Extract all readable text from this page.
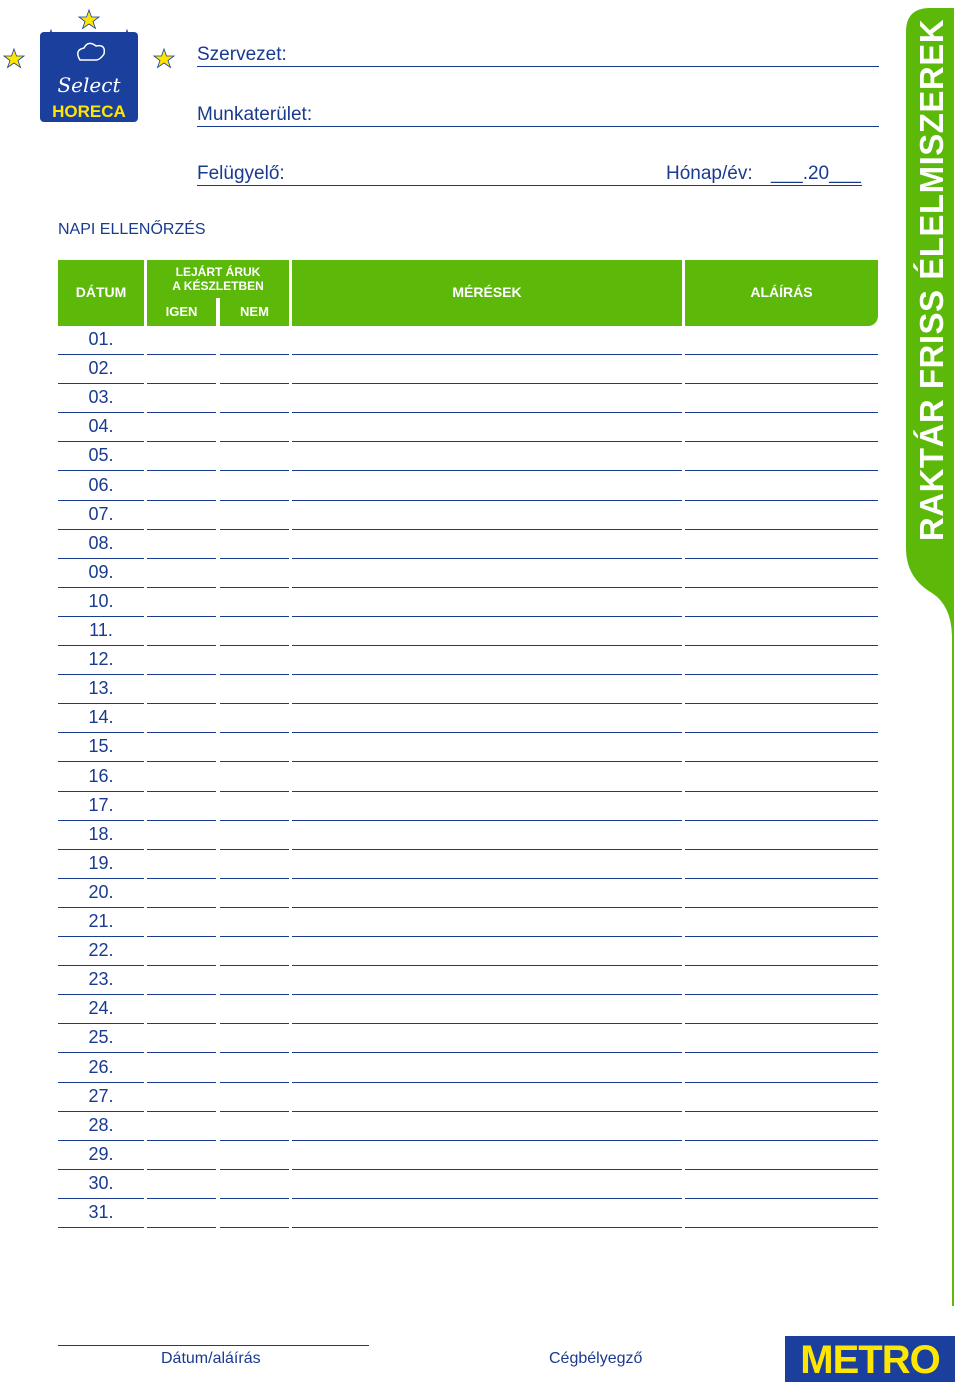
Select
HORECA
Szervezet:
Munkaterület:
Felügyelő:	Hónap/év: ___.20___
NAPI ELLENŐRZÉS
DÁTUM
LEJÁRT ÁRUK
A KÉSZLETBEN
IGEN	NEM
MÉRÉSEK	ALÁÍRÁS
01.
02.
03.
04.
05.
06.
07.
08.
09.
10.
11.
12.
13.
14.
15.
16.
17.
18.
19.
20.
21.
22.
23.
24.
25.
26.
27.
28.
29.
30.
31.
RAKTÁR FRISS ÉLELMISZEREK
Dátum/aláírás	Cégbélyegző	METRO
